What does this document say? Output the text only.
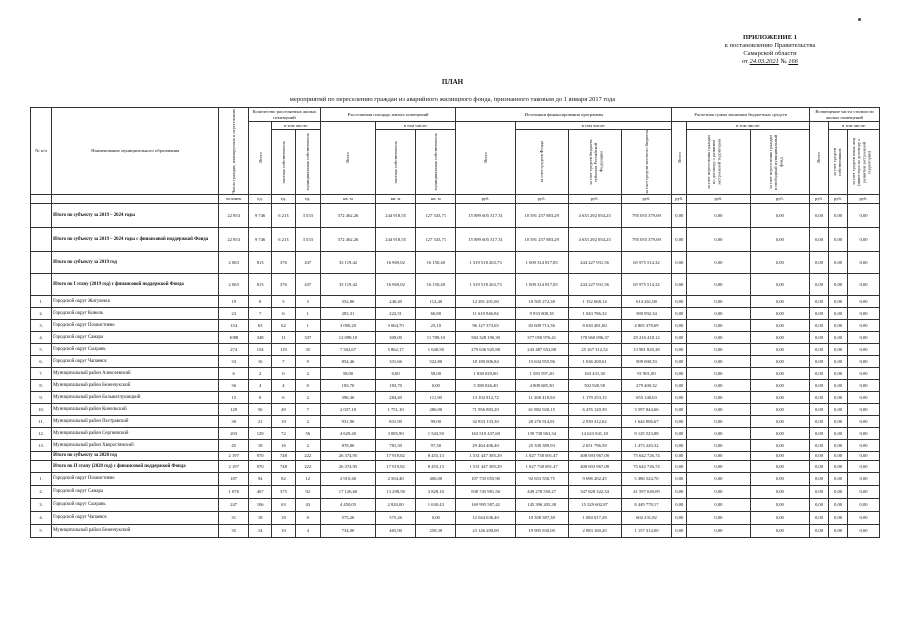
ПРИЛОЖЕНИЕ 1
к постановлению Правительства
Самарской области
от 24.03.2021 № 166
ПЛАН
мероприятий по переселению граждан из аварийного жилищного фонда, признанного таковым до 1 января 2017 года
№ п/п	Наименование муниципального образования	Число граждан, планируемых к переселению	Количество расселяемых жилых помещений			Расселяемая площадь жилых помещений			Источники финансирования программы				Расчетная сумма экономии бюджетных средств			Возмещение части стоимости жилых помещений		

			Всего	в том числе:		Всего	в том числе:		Всего	в том числе:			Всего	в том числе:		Всего	в том числе:	

				частная собственность	муниципальная собственность		частная собственность	муниципальная собственность		за счет средств Фонда	за счет средств бюджета субъекта Российской Федерации	за счет средств местного бюджета		за счет переселения граждан по договору о развитии застроенной территории	за счет переселения граждан в свободный муниципальный фонд		за счет средств собственников	за счет средств иных лиц (инвестора по договору о развитии застроенной территории)

		человек	ед.	ед.	ед.	кв. м	кв. м	кв. м	руб.	руб.	руб.	руб.	руб.	руб.	руб.	руб.	руб.	руб.
	Итого по субъекту за 2019 – 2024 годы	22 853	9 746	6 213	3 533	372 462,26	244 918,55	127 543,71	15 889 605 317,31	10 591 257 883,29	4 633 292 054,23	795 055 379,69	0,00	0,00	0,00	0,00	0,00	0,00
	Итого по субъекту за 2019 – 2024 годы с финансовой поддержкой Фонда	22 853	9 746	6 213	3 533	372 462,26	244 918,55	127 543,71	15 889 605 317,31	10 591 257 883,29	4 633 292 054,23	795 055 379,69	0,00	0,00	0,00	0,00	0,00	0,00
	Итого по субъекту за 2019 год	2 063	813	376	437	33 119,42	16 969,02	16 150,40	1 319 518 263,73	1 009 314 817,85	244 227 931,56	65 975 514,32	0,00	0,00	0,00	0,00	0,00	0,00
	Итого по I этапу (2019 год) с финансовой поддержкой Фонда	2 063	813	376	437	33 119,42	16 969,02	16 150,40	1 319 518 263,73	1 009 314 817,85	244 227 931,56	65 975 514,32	0,00	0,00	0,00	0,00	0,00	0,00
1.	Городской округ Жигулевск	19	8	5	3	352,80	240,40	112,40	12 281 201,60	10 505 272,38	1 152 668,14	614 261,08	0,00	0,00	0,00	0,00	0,00	0,00
2.	Городской округ Кинель	23	7	6	1	283,31	222,51	60,80	11 619 946,84	9 933 008,18	1 043 786,32	580 992,34	0,00	0,00	0,00	0,00	0,00	0,00
3.	Городской округ Похвистнево	154	63	62	1	3 090,20	3 064,70	25,10	96 127 373,65	82 609 713,36	8 630 481,60	4 805 378,69	0,00	0,00	0,00	0,00	0,00	0,00
4.	Городской округ Самара	1088	348	11	337	12 098,10	309,00	11 789,10	584 328 190,30	377 050 976,41	178 060 096,37	29 216 418,12	0,00	0,00	0,00	0,00	0,00	0,00
5.	Городской округ Сызрань	274	154	119	35	7 502,67	5 862,17	1 640,50	279 636 925,88	243 487 652,88	25 167 312,52	13 981 845,28	0,00	0,00	0,00	0,00	0,00	0,00
6.	Городской округ Чапаевск	33	16	7	9	854,46	331,66	522,80	18 180 006,84	15 634 955,96	1 636 200,61	909 000,33	0,00	0,00	0,00	0,00	0,00	0,00
7.	Муниципальный район Алексеевский	6	2	0	2	58,00	0,00	58,00	1 838 029,00	1 583 597,20	163 431,30	91 901,00	0,00	0,00	0,00	0,00	0,00	0,00
8.	Муниципальный район Безенчукский	36	4	4	0	183,70	183,70	0,00	5 588 026,40	4 808 685,50	502 920,58	279 400,32	0,00	0,00	0,00	0,00	0,00	0,00
9.	Муниципальный район Большеглушицкий	15	8	6	2	396,30	284,40	111,90	13 102 812,72	11 268 418,94	1 179 253,15	655 140,63	0,00	0,00	0,00	0,00	0,00	0,00
10.	Муниципальный район Кинельский	129	56	49	7	2 037,10	1 751,10	286,00	71 956 883,20	61 882 920,15	6 476 120,39	3 597 844,66	0,00	0,00	0,00	0,00	0,00	0,00
11.	Муниципальный район Пестравский	30	21	19	2	931,90	831,90	99,00	32 833 133,30	28 276 914,81	2 939 312,02	1 644 006,67	0,00	0,00	0,00	0,00	0,00	0,00
12.	Муниципальный район Сергиевский	203	129	72	56	4 629,40	3 085,90	1 543,50	163 510 437,60	139 738 963,34	14 623 941,18	8 125 523,88	0,00	0,00	0,00	0,00	0,00	0,00
13.	Муниципальный район Хворостянский	45	18	16	2	878,80	781,50	97,30	29 464 406,40	25 339 389,93	2 651 796,58	1 473 220,32	0,00	0,00	0,00	0,00	0,00	0,00
	Итого по субъекту за 2020 год	2 197	970	748	222	26 374,95	17 919,82	8 455,13	1 531 447 385,29	1 027 738 691,47	408 693 967,08	75 642 726,74	0,00	0,00	0,00	0,00	0,00	0,00
	Итого по II этапу (2020 год) с финансовой поддержкой Фонда	2 197	970	748	222	26 374,95	17 919,82	8 455,13	1 531 447 385,29	1 027 738 691,47	408 693 967,08	75 642 726,74	0,00	0,00	0,00	0,00	0,00	0,00
1.	Городской округ Похвистнево	187	94	82	12	2 910,40	2 504,40	406,00	107 735 055,90	92 653 550,75	9 696 202,45	5 386 524,70	0,00	0,00	0,00	0,00	0,00	0,00
2.	Городской округ Самара	1 076	467	375	92	17 126,60	13 298,58	3 828,10	838 745 981,56	449 278 550,27	347 828 322,34	41 597 049,09	0,00	0,00	0,00	0,00	0,00	0,00
3.	Городской округ Сызрань	247	106	63	43	4 450,05	2 820,00	1 630,43	169 995 587,42	145 396 205,38	15 329 602,87	8 449 778,17	0,00	0,00	0,00	0,00	0,00	0,00
4.	Городской округ Чапаевск	31	18	18	0	575,26	575,26	0,00	12 044 636,40	10 358 387,30	1 084 017,28	602 231,82	0,00	0,00	0,00	0,00	0,00	0,00
5.	Муниципальный район Безенчукский	35	14	10	4	734,00	465,90	258,30	23 146 200,00	19 905 830,00	2 083 160,20	1 157 314,00	0,00	0,00	0,00	0,00	0,00	0,00
